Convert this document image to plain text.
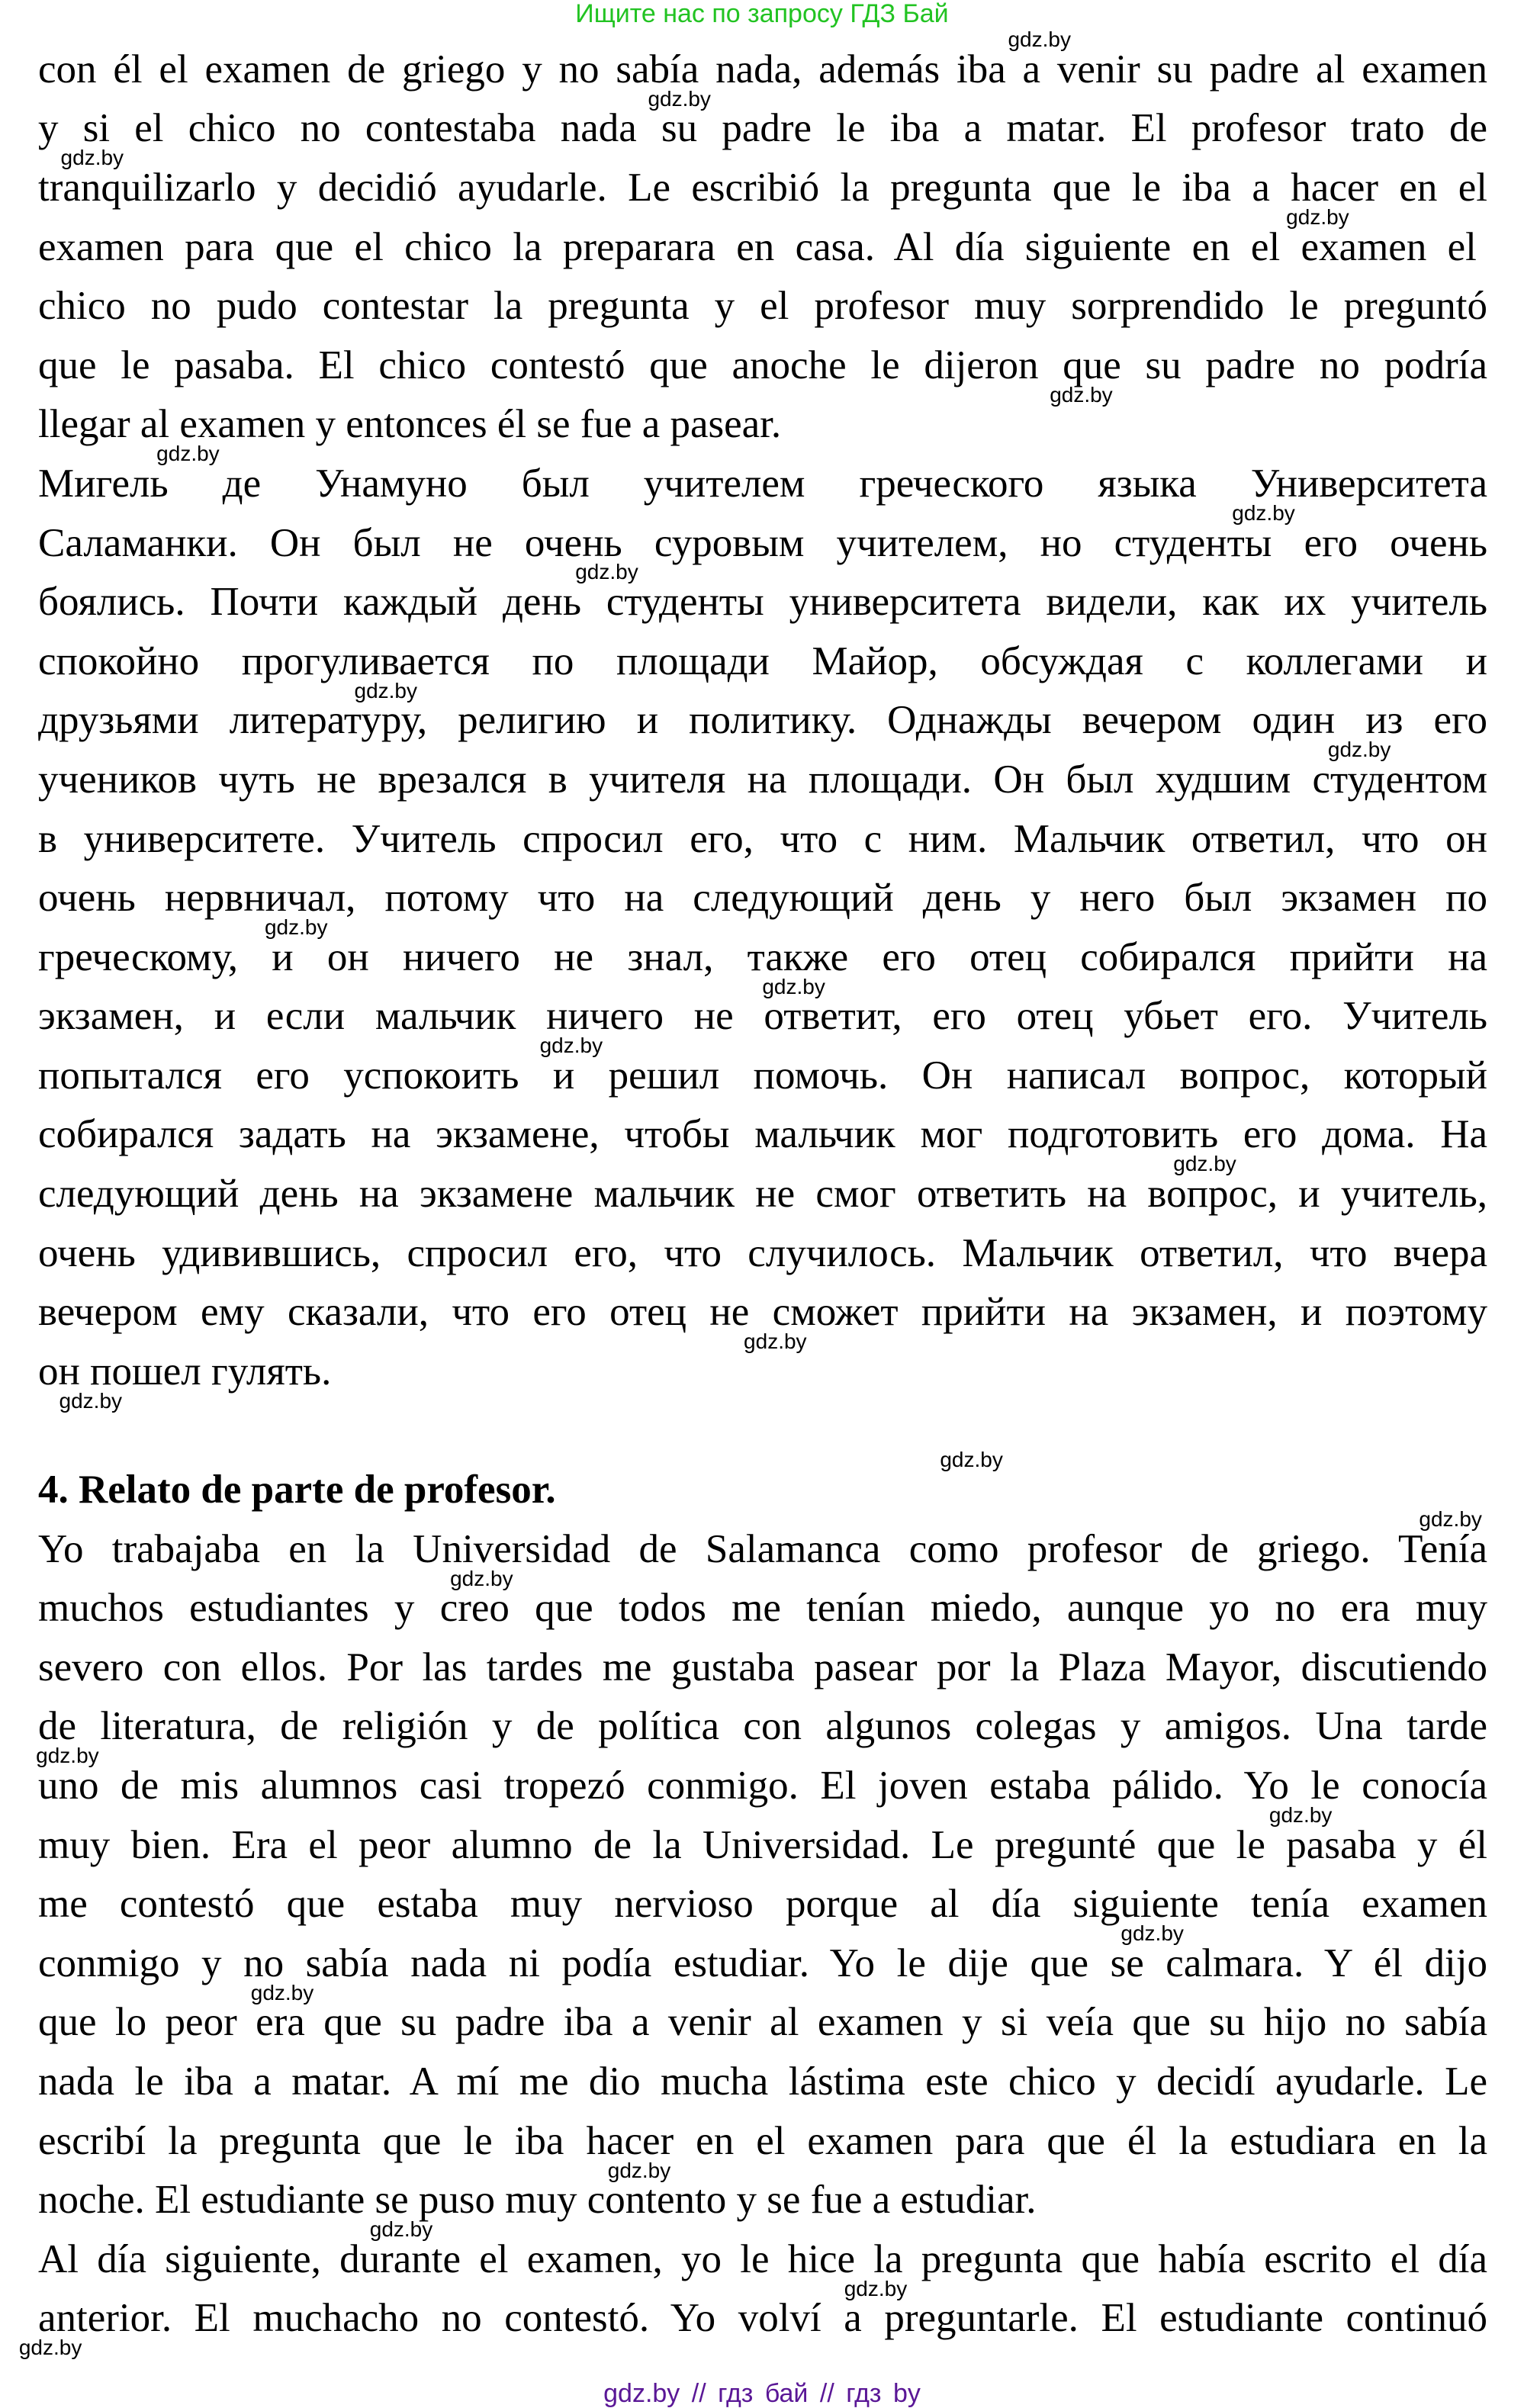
Ищите нас по запросу ГДЗ Бай
con él el examen de griego y no sabía nada, además iba a venir su padre al examen
y si el chico no contestaba nada su padre le iba a matar. El profesor trato de
tranquilizarlo y decidió ayudarle. Le escribió la pregunta que le iba a hacer en el
examen para que el chico la preparara en casa. Al día siguiente en el examen el
chico no pudo contestar la pregunta y el profesor muy sorprendido le preguntó
que le pasaba. El chico contestó que anoche le dijeron que su padre no podría
llegar al examen y entonces él se fue a pasear.
Мигель де Унамуно был учителем греческого языка Университета
Саламанки. Он был не очень суровым учителем, но студенты его очень
боялись. Почти каждый день студенты университета видели, как их учитель
спокойно прогуливается по площади Майор, обсуждая с коллегами и
друзьями литературу, религию и политику. Однажды вечером один из его
учеников чуть не врезался в учителя на площади. Он был худшим студентом
в университете. Учитель спросил его, что с ним. Мальчик ответил, что он
очень нервничал, потому что на следующий день у него был экзамен по
греческому, и он ничего не знал, также его отец собирался прийти на
экзамен, и если мальчик ничего не ответит, его отец убьет его. Учитель
попытался его успокоить и решил помочь. Он написал вопрос, который
собирался задать на экзамене, чтобы мальчик мог подготовить его дома. На
следующий день на экзамене мальчик не смог ответить на вопрос, и учитель,
очень удивившись, спросил его, что случилось. Мальчик ответил, что вчера
вечером ему сказали, что его отец не сможет прийти на экзамен, и поэтому
он пошел гулять.
4. Relato de parte de profesor.
Yo trabajaba en la Universidad de Salamanca como profesor de griego. Tenía
muchos estudiantes y creo que todos me tenían miedo, aunque yo no era muy
severo con ellos. Por las tardes me gustaba pasear por la Plaza Mayor, discutiendo
de literatura, de religión y de política con algunos colegas y amigos. Una tarde
uno de mis alumnos casi tropezó conmigo. El joven estaba pálido. Yo le conocía
muy bien. Era el peor alumno de la Universidad. Le pregunté que le pasaba y él
me contestó que estaba muy nervioso porque al día siguiente tenía examen
conmigo y no sabía nada ni podía estudiar. Yo le dije que se calmara. Y él dijo
que lo peor era que su padre iba a venir al examen y si veía que su hijo no sabía
nada le iba a matar. A mí me dio mucha lástima este chico y decidí ayudarle. Le
escribí la pregunta que le iba hacer en el examen para que él la estudiara en la
noche. El estudiante se puso muy contento y se fue a estudiar.
Al día siguiente, durante el examen, yo le hice la pregunta que había escrito el día
anterior. El muchacho no contestó. Yo volví a preguntarle. El estudiante continuó
gdz.by
gdz.by
gdz.by
gdz.by
gdz.by
gdz.by
gdz.by
gdz.by
gdz.by
gdz.by
gdz.by
gdz.by
gdz.by
gdz.by
gdz.by
gdz.by
gdz.by
gdz.by
gdz.by
gdz.by
gdz.by
gdz.by
gdz.by
gdz.by
gdz.by
gdz.by
gdz.by
gdz.by // гдз бай // гдз by
